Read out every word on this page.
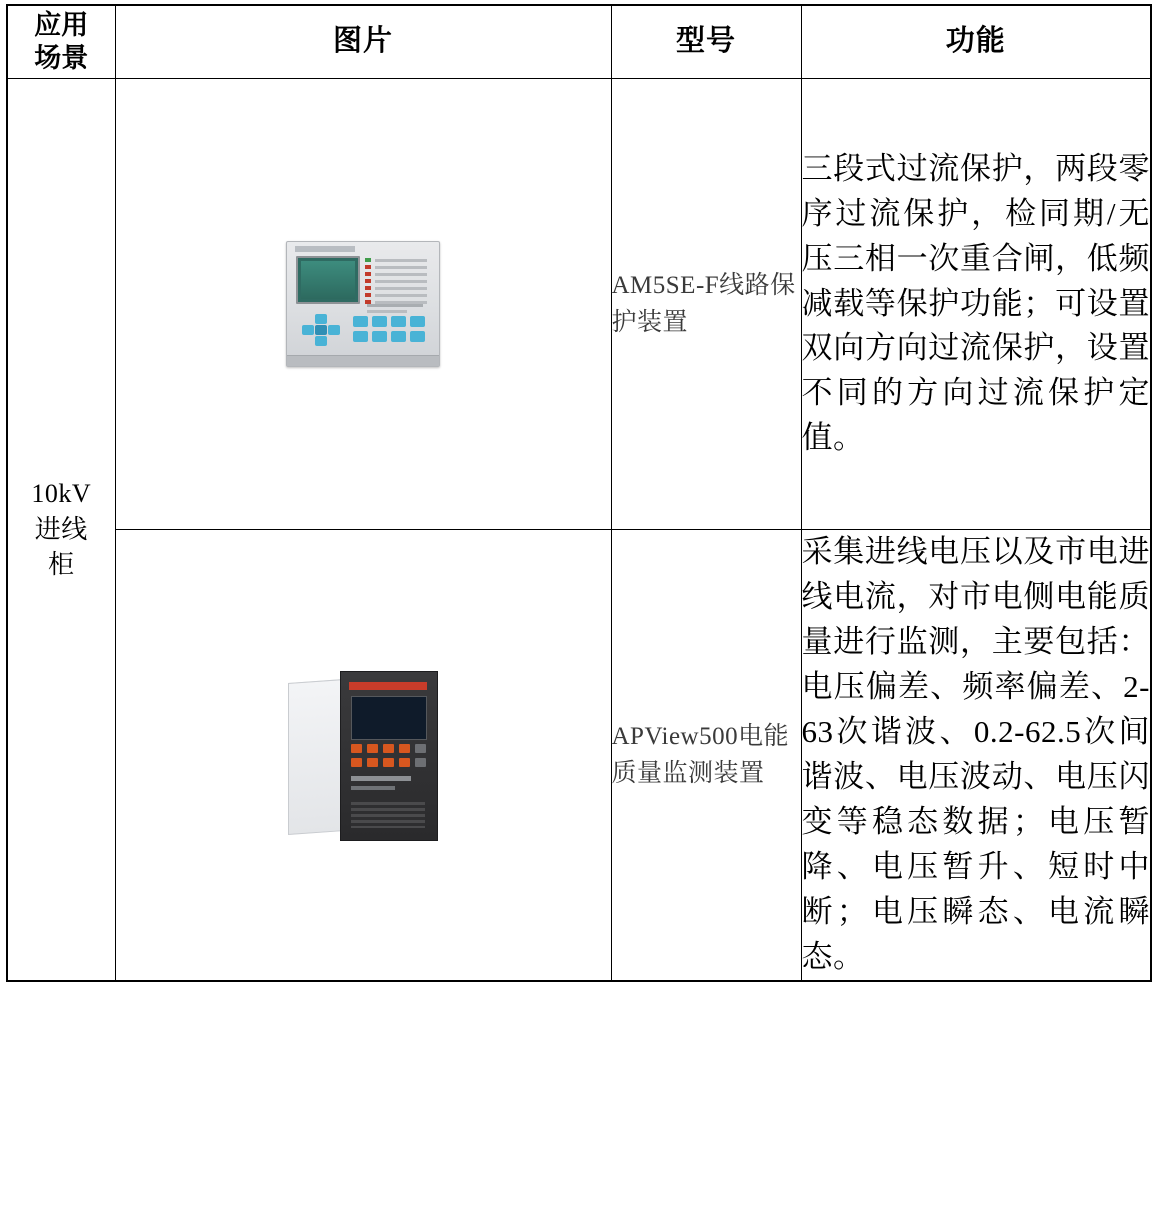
应用
场景	图片	型号	功能

10kV
进线
柜		AM5SE-F线路保护装置	三段式过流保护，两段零序过流保护，检同期/无压三相一次重合闸，低频减载等保护功能；可设置双向方向过流保护，设置不同的方向过流保护定值。

		APView500电能质量监测装置	采集进线电压以及市电进线电流，对市电侧电能质量进行监测，主要包括：电压偏差、频率偏差、2-63次谐波、0.2-62.5次间谐波、电压波动、电压闪变等稳态数据；电压暂降、电压暂升、短时中断；电压瞬态、电流瞬态。
